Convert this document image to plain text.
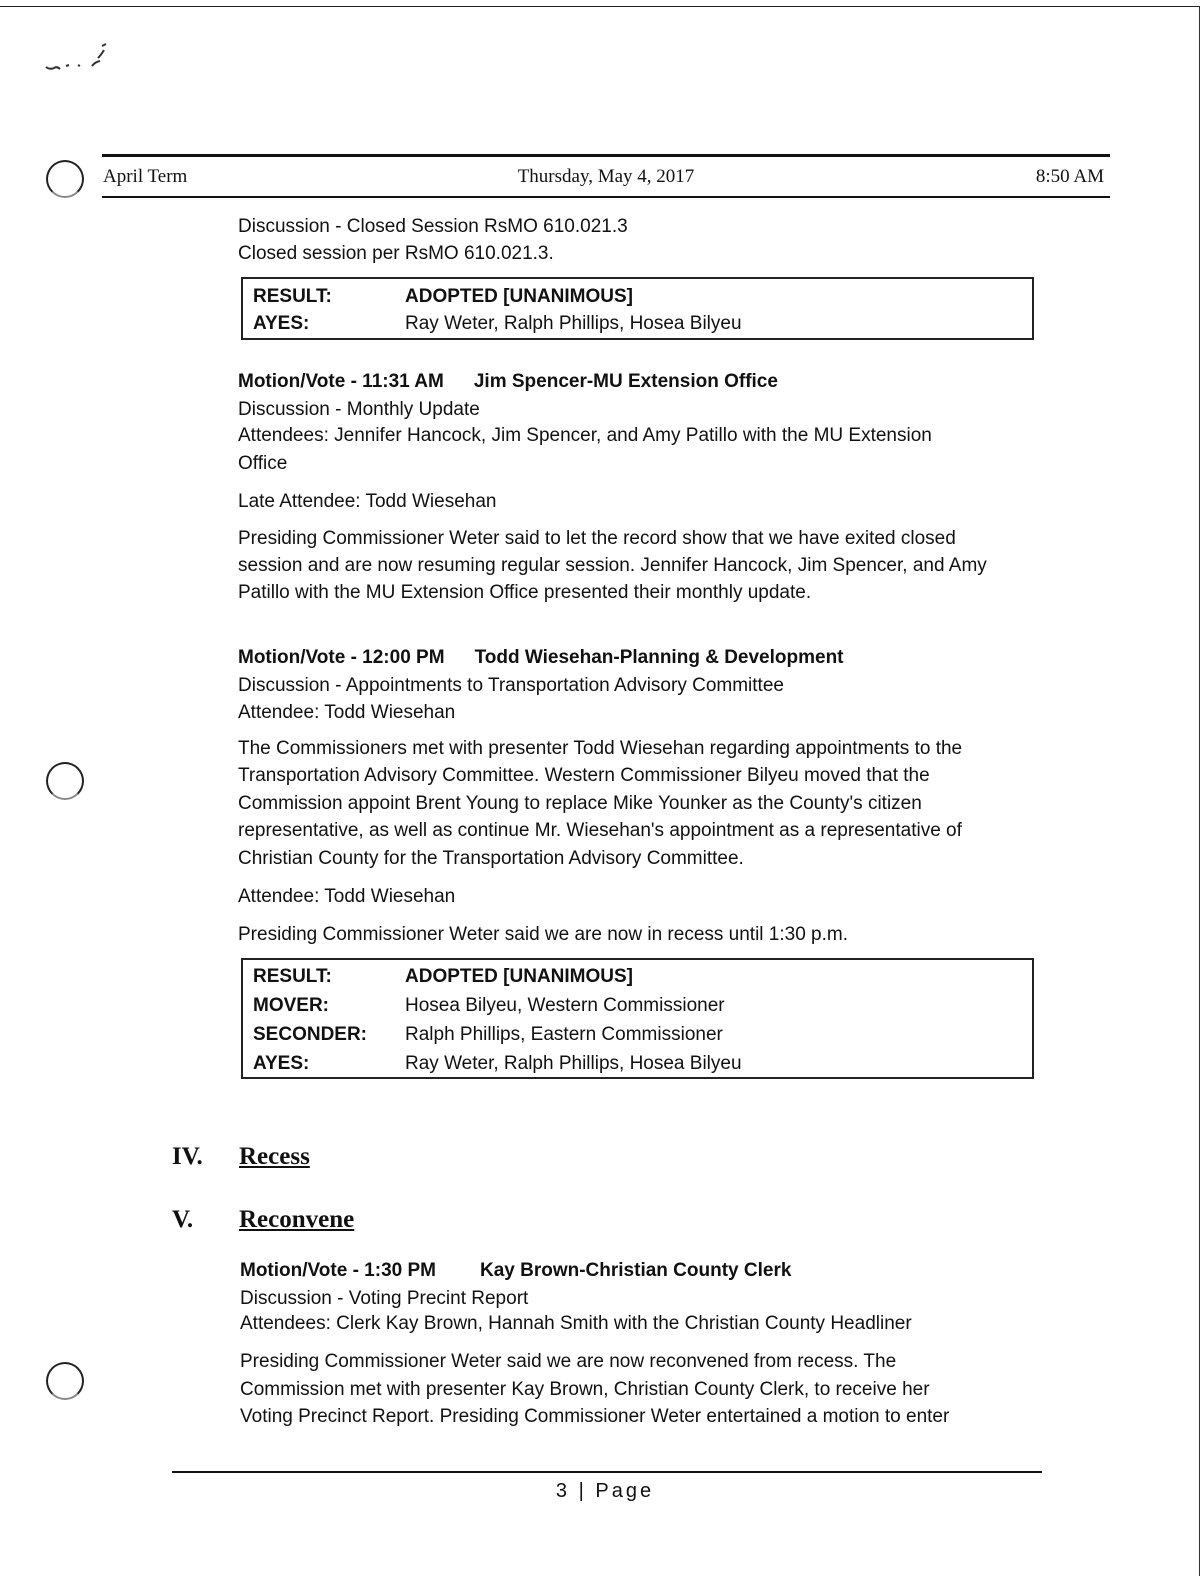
April Term	Thursday, May 4, 2017	8:50 AM
Discussion - Closed Session RsMO 610.021.3
Closed session per RsMO 610.021.3.
RESULT:	ADOPTED [UNANIMOUS]
AYES:	Ray Weter, Ralph Phillips, Hosea Bilyeu
Motion/Vote - 11:31 AM Jim Spencer-MU Extension Office
Discussion - Monthly Update
Attendees: Jennifer Hancock, Jim Spencer, and Amy Patillo with the MU Extension
Office
Late Attendee: Todd Wiesehan
Presiding Commissioner Weter said to let the record show that we have exited closed
session and are now resuming regular session. Jennifer Hancock, Jim Spencer, and Amy
Patillo with the MU Extension Office presented their monthly update.
Motion/Vote - 12:00 PM Todd Wiesehan-Planning & Development
Discussion - Appointments to Transportation Advisory Committee
Attendee: Todd Wiesehan
The Commissioners met with presenter Todd Wiesehan regarding appointments to the
Transportation Advisory Committee. Western Commissioner Bilyeu moved that the
Commission appoint Brent Young to replace Mike Younker as the County's citizen
representative, as well as continue Mr. Wiesehan's appointment as a representative of
Christian County for the Transportation Advisory Committee.
Attendee: Todd Wiesehan
Presiding Commissioner Weter said we are now in recess until 1:30 p.m.
RESULT:	ADOPTED [UNANIMOUS]
MOVER:	Hosea Bilyeu, Western Commissioner
SECONDER: Ralph Phillips, Eastern Commissioner
AYES:	Ray Weter, Ralph Phillips, Hosea Bilyeu
IV. Recess
V. Reconvene
Motion/Vote - 1:30 PM Kay Brown-Christian County Clerk
Discussion - Voting Precint Report
Attendees: Clerk Kay Brown, Hannah Smith with the Christian County Headliner
Presiding Commissioner Weter said we are now reconvened from recess. The
Commission met with presenter Kay Brown, Christian County Clerk, to receive her
Voting Precinct Report. Presiding Commissioner Weter entertained a motion to enter
3 | Page
